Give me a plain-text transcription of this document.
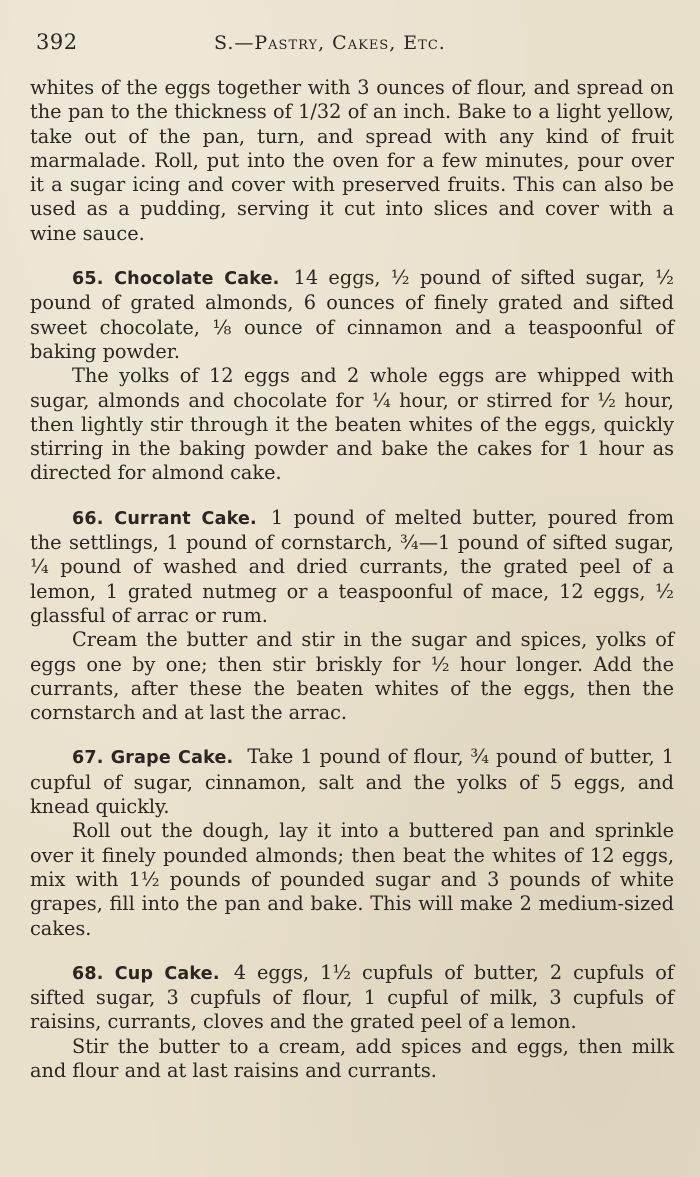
392	S.—Pastry, Cakes, Etc.

whites of the eggs together with 3 ounces of flour, and spread on the pan to the thickness of 1/32 of an inch. Bake to a light yellow, take out of the pan, turn, and spread with any kind of fruit marmalade. Roll, put into the oven for a few minutes, pour over it a sugar icing and cover with preserved fruits. This can also be used as a pudding, serving it cut into slices and cover with a wine sauce.

65. Chocolate Cake. 14 eggs, ½ pound of sifted sugar, ½ pound of grated almonds, 6 ounces of finely grated and sifted sweet chocolate, ⅛ ounce of cinnamon and a teaspoonful of baking powder.

The yolks of 12 eggs and 2 whole eggs are whipped with sugar, almonds and chocolate for ¼ hour, or stirred for ½ hour, then lightly stir through it the beaten whites of the eggs, quickly stirring in the baking powder and bake the cakes for 1 hour as directed for almond cake.

66. Currant Cake. 1 pound of melted butter, poured from the settlings, 1 pound of cornstarch, ¾—1 pound of sifted sugar, ¼ pound of washed and dried currants, the grated peel of a lemon, 1 grated nutmeg or a teaspoonful of mace, 12 eggs, ½ glassful of arrac or rum.

Cream the butter and stir in the sugar and spices, yolks of eggs one by one; then stir briskly for ½ hour longer. Add the currants, after these the beaten whites of the eggs, then the cornstarch and at last the arrac.

67. Grape Cake. Take 1 pound of flour, ¾ pound of butter, 1 cupful of sugar, cinnamon, salt and the yolks of 5 eggs, and knead quickly.

Roll out the dough, lay it into a buttered pan and sprinkle over it finely pounded almonds; then beat the whites of 12 eggs, mix with 1½ pounds of pounded sugar and 3 pounds of white grapes, fill into the pan and bake. This will make 2 medium-sized cakes.

68. Cup Cake. 4 eggs, 1½ cupfuls of butter, 2 cupfuls of sifted sugar, 3 cupfuls of flour, 1 cupful of milk, 3 cupfuls of raisins, currants, cloves and the grated peel of a lemon.

Stir the butter to a cream, add spices and eggs, then milk and flour and at last raisins and currants.
